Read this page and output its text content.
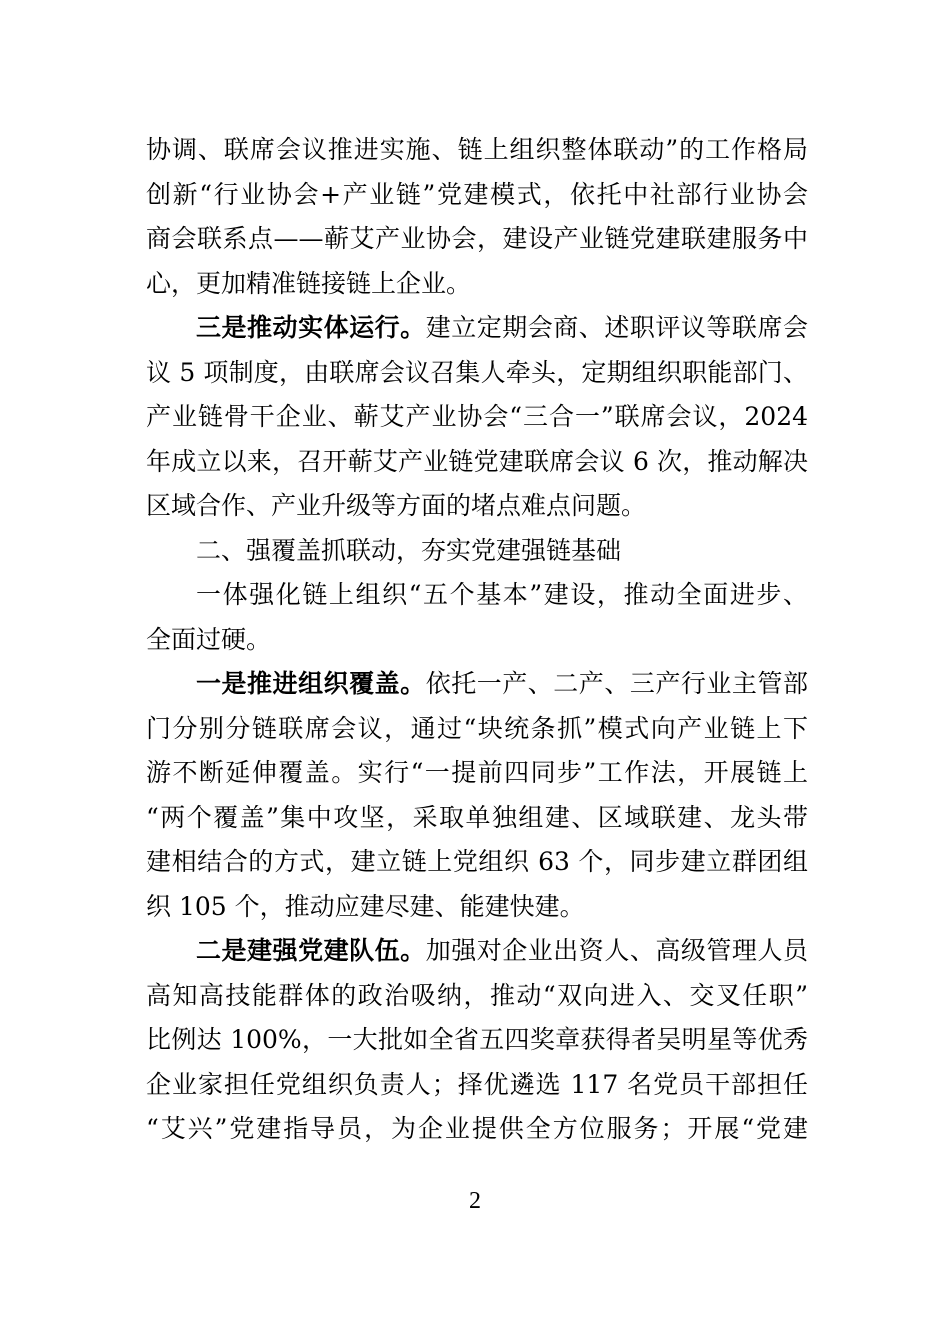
协调、联席会议推进实施、链上组织整体联动”的工作格局
创新“行业协会+产业链”党建模式，依托中社部行业协会
商会联系点——蕲艾产业协会，建设产业链党建联建服务中
心，更加精准链接链上企业。
三是推动实体运行。建立定期会商、述职评议等联席会
议 5 项制度，由联席会议召集人牵头，定期组织职能部门、
产业链骨干企业、蕲艾产业协会“三合一”联席会议，2024
年成立以来，召开蕲艾产业链党建联席会议 6 次，推动解决
区域合作、产业升级等方面的堵点难点问题。
二、强覆盖抓联动，夯实党建强链基础
一体强化链上组织“五个基本”建设，推动全面进步、
全面过硬。
一是推进组织覆盖。依托一产、二产、三产行业主管部
门分别分链联席会议，通过“块统条抓”模式向产业链上下
游不断延伸覆盖。实行“一提前四同步”工作法，开展链上
“两个覆盖”集中攻坚，采取单独组建、区域联建、龙头带
建相结合的方式，建立链上党组织 63 个，同步建立群团组
织 105 个，推动应建尽建、能建快建。
二是建强党建队伍。加强对企业出资人、高级管理人员
高知高技能群体的政治吸纳，推动“双向进入、交叉任职”
比例达 100%，一大批如全省五四奖章获得者吴明星等优秀
企业家担任党组织负责人；择优遴选 117 名党员干部担任
“艾兴”党建指导员，为企业提供全方位服务；开展“党建
2
